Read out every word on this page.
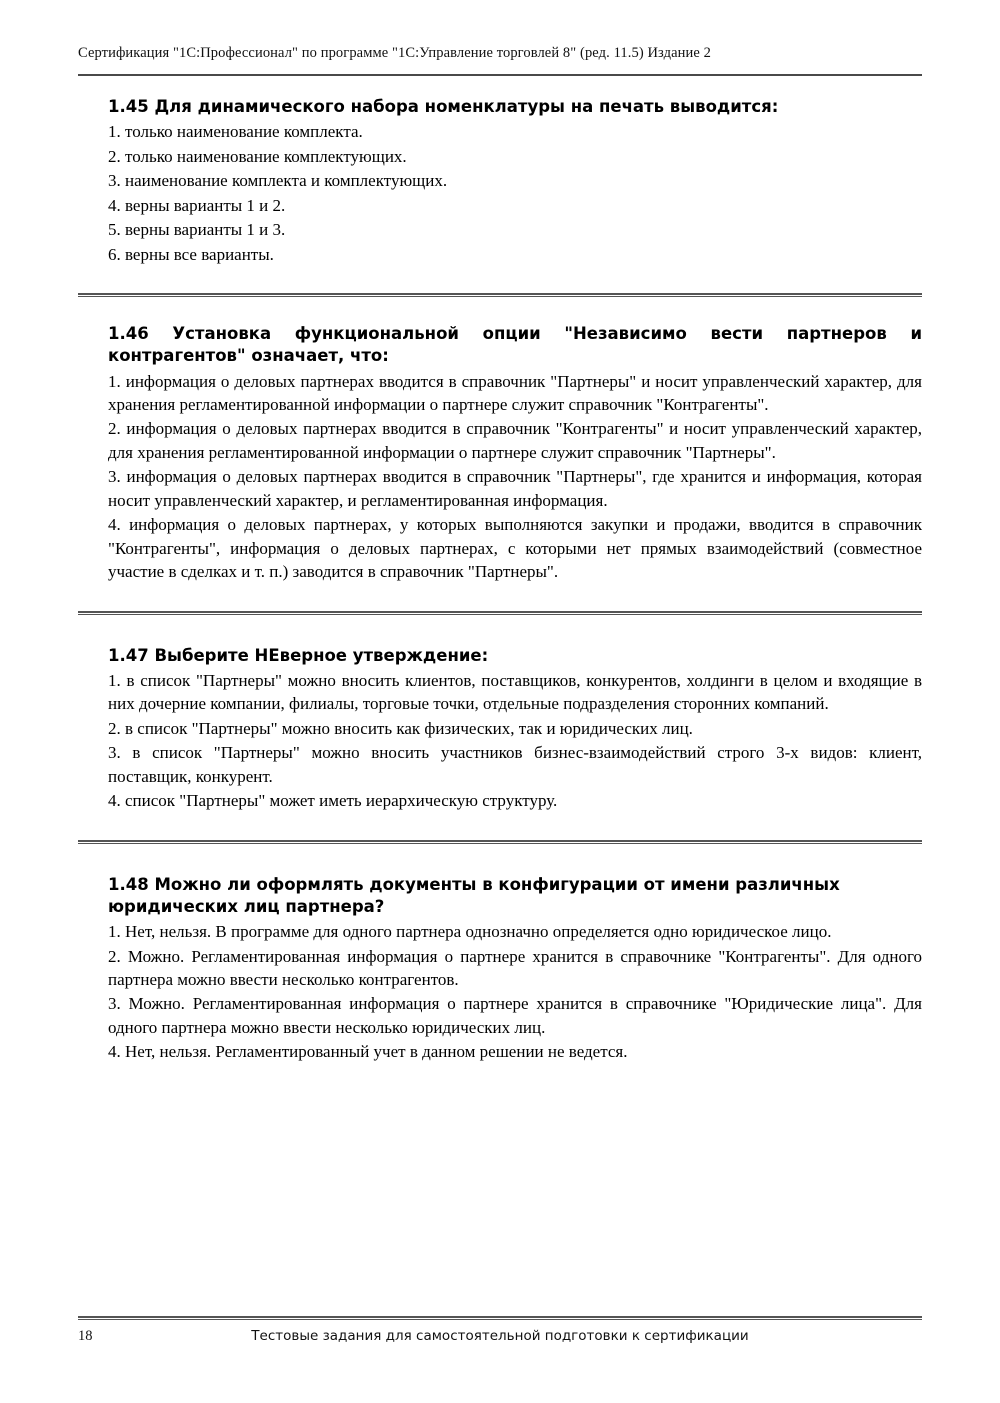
Сертификация "1С:Профессионал" по программе "1С:Управление торговлей 8" (ред. 11.5) Издание 2
1.45 Для динамического набора номенклатуры на печать выводится:
1. только наименование комплекта.
2. только наименование комплектующих.
3. наименование комплекта и комплектующих.
4. верны варианты 1 и 2.
5. верны варианты 1 и 3.
6. верны все варианты.
1.46 Установка функциональной опции "Независимо вести партнеров и контрагентов" означает, что:
1. информация о деловых партнерах вводится в справочник "Партнеры" и носит управленческий характер, для хранения регламентированной информации о партнере служит справочник "Контрагенты".
2. информация о деловых партнерах вводится в справочник "Контрагенты" и носит управленческий характер, для хранения регламентированной информации о партнере служит справочник "Партнеры".
3. информация о деловых партнерах вводится в справочник "Партнеры", где хранится и информация, которая носит управленческий характер, и регламентированная информация.
4. информация о деловых партнерах, у которых выполняются закупки и продажи, вводится в справочник "Контрагенты", информация о деловых партнерах, с которыми нет прямых взаимодействий (совместное участие в сделках и т. п.) заводится в справочник "Партнеры".
1.47 Выберите НЕверное утверждение:
1. в список "Партнеры" можно вносить клиентов, поставщиков, конкурентов, холдинги в целом и входящие в них дочерние компании, филиалы, торговые точки, отдельные подразделения сторонних компаний.
2. в список "Партнеры" можно вносить как физических, так и юридических лиц.
3. в список "Партнеры" можно вносить участников бизнес-взаимодействий строго 3-х видов: клиент, поставщик, конкурент.
4. список "Партнеры" может иметь иерархическую структуру.
1.48 Можно ли оформлять документы в конфигурации от имени различных юридических лиц партнера?
1. Нет, нельзя. В программе для одного партнера однозначно определяется одно юридическое лицо.
2. Можно. Регламентированная информация о партнере хранится в справочнике "Контрагенты". Для одного партнера можно ввести несколько контрагентов.
3. Можно. Регламентированная информация о партнере хранится в справочнике "Юридические лица". Для одного партнера можно ввести несколько юридических лиц.
4. Нет, нельзя. Регламентированный учет в данном решении не ведется.
18	Тестовые задания для самостоятельной подготовки к сертификации
